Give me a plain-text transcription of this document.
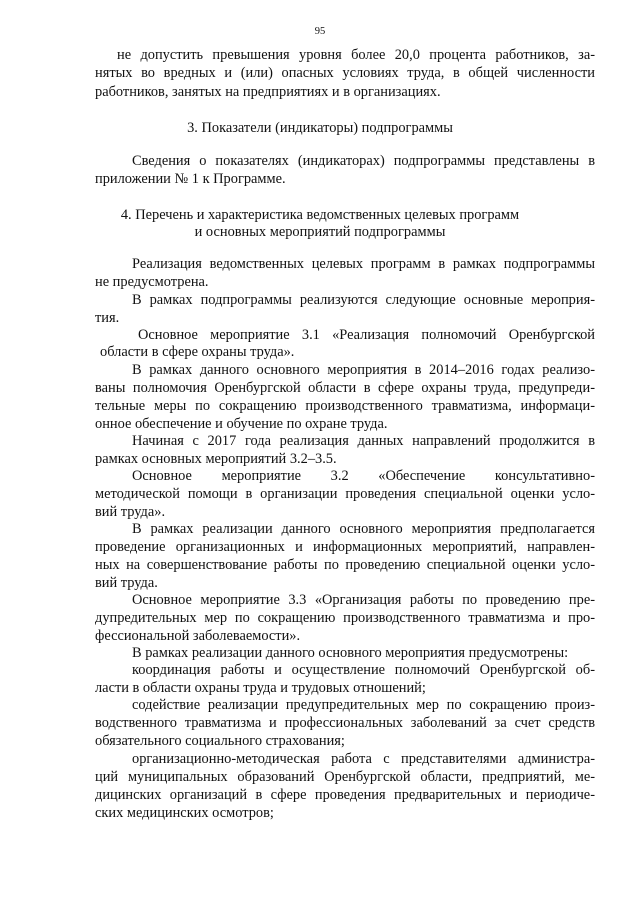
95

не допустить превышения уровня более 20,0 процента работников, за-

нятых во вредных и (или) опасных условиях труда, в общей численности

работников, занятых на предприятиях и в организациях.

3. Показатели (индикаторы) подпрограммы

Сведения о показателях (индикаторах) подпрограммы представлены в

приложении № 1 к Программе.

4. Перечень и характеристика ведомственных целевых программ

и основных мероприятий подпрограммы

Реализация ведомственных целевых программ в рамках подпрограммы

не предусмотрена.

В рамках подпрограммы реализуются следующие основные мероприя-

тия.

Основное мероприятие 3.1 «Реализация полномочий Оренбургской

области в сфере охраны труда».

В рамках данного основного мероприятия в 2014–2016 годах реализо-

ваны полномочия Оренбургской области в сфере охраны труда, предупреди-

тельные меры по сокращению производственного травматизма, информаци-

онное обеспечение и обучение по охране труда.

Начиная с 2017 года реализация данных направлений продолжится в

рамках основных мероприятий 3.2–3.5.

Основное мероприятие 3.2 «Обеспечение консультативно-

методической помощи в организации проведения специальной оценки усло-

вий труда».

В рамках реализации данного основного мероприятия предполагается

проведение организационных и информационных мероприятий, направлен-

ных на совершенствование работы по проведению специальной оценки усло-

вий труда.

Основное мероприятие 3.3 «Организация работы по проведению пре-

дупредительных мер по сокращению производственного травматизма и про-

фессиональной заболеваемости».

В рамках реализации данного основного мероприятия предусмотрены:

координация работы и осуществление полномочий Оренбургской об-

ласти в области охраны труда и трудовых отношений;

содействие реализации предупредительных мер по сокращению произ-

водственного травматизма и профессиональных заболеваний за счет средств

обязательного социального страхования;

организационно-методическая работа с представителями администра-

ций муниципальных образований Оренбургской области, предприятий, ме-

дицинских организаций в сфере проведения предварительных и периодиче-

ских медицинских осмотров;
